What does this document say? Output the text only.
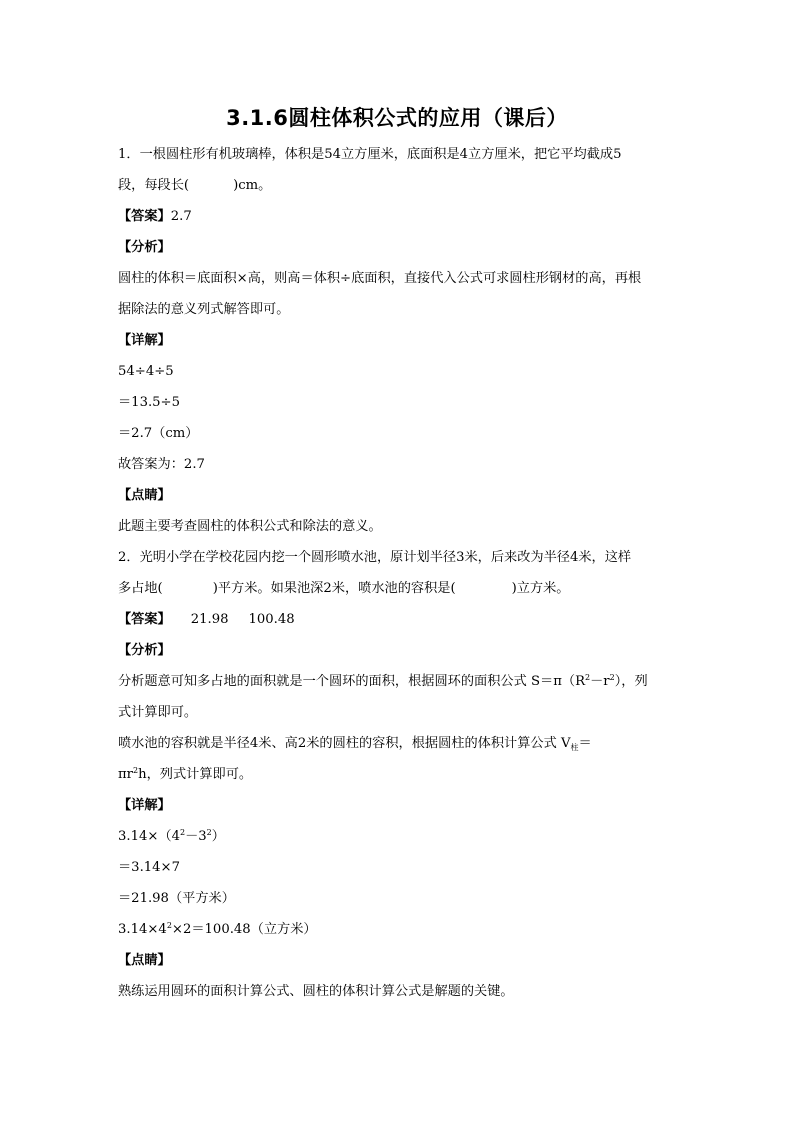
3.1.6圆柱体积公式的应用（课后）
1．一根圆柱形有机玻璃棒，体积是54立方厘米，底面积是4立方厘米，把它平均截成5
段，每段长(	)cm。
【答案】2.7
【分析】
圆柱的体积＝底面积×高，则高＝体积÷底面积，直接代入公式可求圆柱形钢材的高，再根
据除法的意义列式解答即可。
【详解】
54÷4÷5
＝13.5÷5
＝2.7（cm）
故答案为：2.7
【点睛】
此题主要考查圆柱的体积公式和除法的意义。
2．光明小学在学校花园内挖一个圆形喷水池，原计划半径3米，后来改为半径4米，这样
多占地(	)平方米。如果池深2米，喷水池的容积是(	)立方米。
【答案】 21.98 100.48
【分析】
分析题意可知多占地的面积就是一个圆环的面积，根据圆环的面积公式 $S=\pi(R^2-r^2)$，列
式计算即可。
喷水池的容积就是半径4米、高2米的圆柱的容积，根据圆柱的体积计算公式 $V_柱=$
$\pi r^2h$，列式计算即可。
【详解】
$3.14\times(4^2-3^2)$
＝3.14×7
＝21.98（平方米）
$3.14\times 4^2\times 2=100.48$（立方米）
【点睛】
熟练运用圆环的面积计算公式、圆柱的体积计算公式是解题的关键。
